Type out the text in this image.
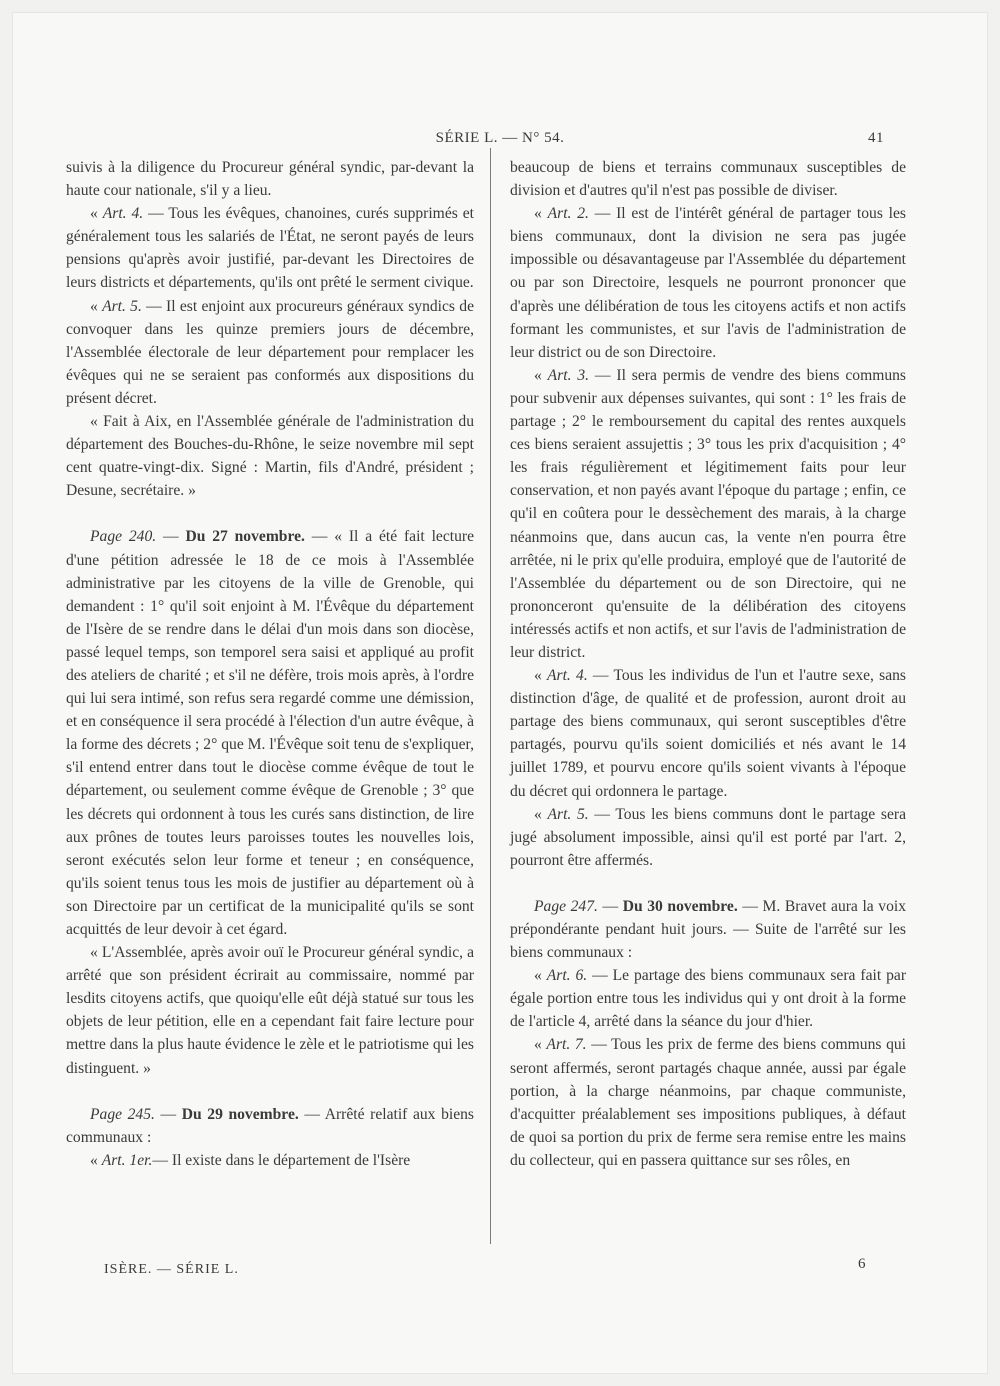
SÉRIE L. — N° 54.	41

suivis à la diligence du Procureur général syndic, par-devant la haute cour nationale, s'il y a lieu.

« Art. 4. — Tous les évêques, chanoines, curés supprimés et généralement tous les salariés de l'État, ne seront payés de leurs pensions qu'après avoir justifié, par-devant les Directoires de leurs districts et départements, qu'ils ont prêté le serment civique.

« Art. 5. — Il est enjoint aux procureurs généraux syndics de convoquer dans les quinze premiers jours de décembre, l'Assemblée électorale de leur département pour remplacer les évêques qui ne se seraient pas conformés aux dispositions du présent décret.

« Fait à Aix, en l'Assemblée générale de l'administration du département des Bouches-du-Rhône, le seize novembre mil sept cent quatre-vingt-dix. Signé : Martin, fils d'André, président ; Desune, secrétaire. »

Page 240. — Du 27 novembre. — « Il a été fait lecture d'une pétition adressée le 18 de ce mois à l'Assemblée administrative par les citoyens de la ville de Grenoble, qui demandent : 1° qu'il soit enjoint à M. l'Évêque du département de l'Isère de se rendre dans le délai d'un mois dans son diocèse, passé lequel temps, son temporel sera saisi et appliqué au profit des ateliers de charité ; et s'il ne défère, trois mois après, à l'ordre qui lui sera intimé, son refus sera regardé comme une démission, et en conséquence il sera procédé à l'élection d'un autre évêque, à la forme des décrets ; 2° que M. l'Évêque soit tenu de s'expliquer, s'il entend entrer dans tout le diocèse comme évêque de tout le département, ou seulement comme évêque de Grenoble ; 3° que les décrets qui ordonnent à tous les curés sans distinction, de lire aux prônes de toutes leurs paroisses toutes les nouvelles lois, seront exécutés selon leur forme et teneur ; en conséquence, qu'ils soient tenus tous les mois de justifier au département où à son Directoire par un certificat de la municipalité qu'ils se sont acquittés de leur devoir à cet égard.

« L'Assemblée, après avoir ouï le Procureur général syndic, a arrêté que son président écrirait au commissaire, nommé par lesdits citoyens actifs, que quoiqu'elle eût déjà statué sur tous les objets de leur pétition, elle en a cependant fait faire lecture pour mettre dans la plus haute évidence le zèle et le patriotisme qui les distinguent. »

Page 245. — Du 29 novembre. — Arrêté relatif aux biens communaux :

« Art. 1er.— Il existe dans le département de l'Isère

beaucoup de biens et terrains communaux susceptibles de division et d'autres qu'il n'est pas possible de diviser.

« Art. 2. — Il est de l'intérêt général de partager tous les biens communaux, dont la division ne sera pas jugée impossible ou désavantageuse par l'Assemblée du département ou par son Directoire, lesquels ne pourront prononcer que d'après une délibération de tous les citoyens actifs et non actifs formant les communistes, et sur l'avis de l'administration de leur district ou de son Directoire.

« Art. 3. — Il sera permis de vendre des biens communs pour subvenir aux dépenses suivantes, qui sont : 1° les frais de partage ; 2° le remboursement du capital des rentes auxquels ces biens seraient assujettis ; 3° tous les prix d'acquisition ; 4° les frais régulièrement et légitimement faits pour leur conservation, et non payés avant l'époque du partage ; enfin, ce qu'il en coûtera pour le dessèchement des marais, à la charge néanmoins que, dans aucun cas, la vente n'en pourra être arrêtée, ni le prix qu'elle produira, employé que de l'autorité de l'Assemblée du département ou de son Directoire, qui ne prononceront qu'ensuite de la délibération des citoyens intéressés actifs et non actifs, et sur l'avis de l'administration de leur district.

« Art. 4. — Tous les individus de l'un et l'autre sexe, sans distinction d'âge, de qualité et de profession, auront droit au partage des biens communaux, qui seront susceptibles d'être partagés, pourvu qu'ils soient domiciliés et nés avant le 14 juillet 1789, et pourvu encore qu'ils soient vivants à l'époque du décret qui ordonnera le partage.

« Art. 5. — Tous les biens communs dont le partage sera jugé absolument impossible, ainsi qu'il est porté par l'art. 2, pourront être affermés.

Page 247. — Du 30 novembre. — M. Bravet aura la voix prépondérante pendant huit jours. — Suite de l'arrêté sur les biens communaux :

« Art. 6. — Le partage des biens communaux sera fait par égale portion entre tous les individus qui y ont droit à la forme de l'article 4, arrêté dans la séance du jour d'hier.

« Art. 7. — Tous les prix de ferme des biens communs qui seront affermés, seront partagés chaque année, aussi par égale portion, à la charge néanmoins, par chaque communiste, d'acquitter préalablement ses impositions publiques, à défaut de quoi sa portion du prix de ferme sera remise entre les mains du collecteur, qui en passera quittance sur ses rôles, en

ISÈRE. — SÉRIE L.	6
